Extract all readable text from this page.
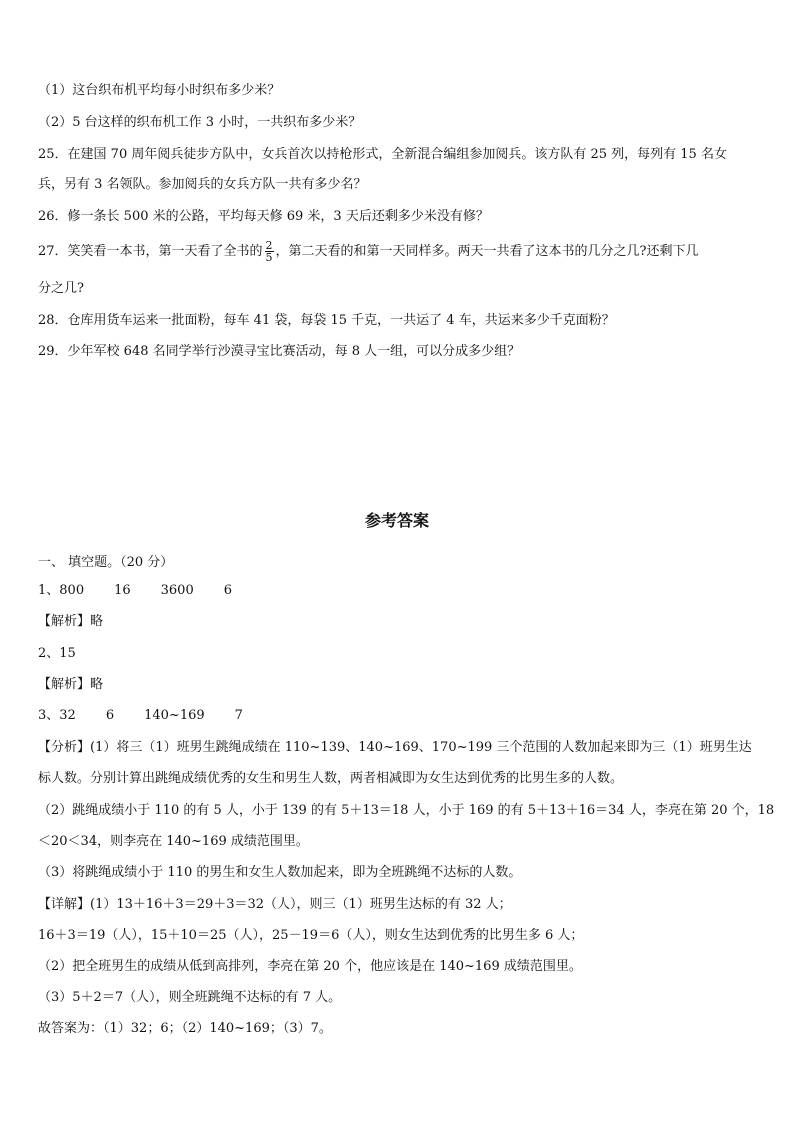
（1）这台织布机平均每小时织布多少米？
（2）5 台这样的织布机工作 3 小时，一共织布多少米？
25．在建国 70 周年阅兵徒步方队中，女兵首次以持枪形式，全新混合编组参加阅兵。该方队有 25 列，每列有 15 名女
兵，另有 3 名领队。参加阅兵的女兵方队一共有多少名？
26．修一条长 500 米的公路，平均每天修 69 米，3 天后还剩多少米没有修？
27．笑笑看一本书，第一天看了全书的 $\frac{2}{5}$ ，第二天看的和第一天同样多。两天一共看了这本书的几分之几?还剩下几
分之几?
28．仓库用货车运来一批面粉，每车 41 袋，每袋 15 千克，一共运了 4 车，共运来多少千克面粉？
29．少年军校 648 名同学举行沙漠寻宝比赛活动，每 8 人一组，可以分成多少组？
参考答案
一、 填空题。（20 分）
1、800 16 3600 6
【解析】略
2、15
【解析】略
3、32 6 140~169 7
【分析】(1）将三（1）班男生跳绳成绩在 110~139、140~169、170~199 三个范围的人数加起来即为三（1）班男生达
标人数。分别计算出跳绳成绩优秀的女生和男生人数，两者相减即为女生达到优秀的比男生多的人数。
（2）跳绳成绩小于 110 的有 5 人，小于 139 的有 5＋13＝18 人，小于 169 的有 5＋13＋16＝34 人，李亮在第 20 个，18
＜20＜34，则李亮在 140~169 成绩范围里。
（3）将跳绳成绩小于 110 的男生和女生人数加起来，即为全班跳绳不达标的人数。
【详解】(1）13＋16＋3＝29＋3＝32（人），则三（1）班男生达标的有 32 人；
16＋3＝19（人），15＋10＝25（人），25－19＝6（人），则女生达到优秀的比男生多 6 人；
（2）把全班男生的成绩从低到高排列，李亮在第 20 个，他应该是在 140~169 成绩范围里。
（3）5＋2＝7（人），则全班跳绳不达标的有 7 人。
故答案为：（1）32；6；（2）140~169；（3）7。
